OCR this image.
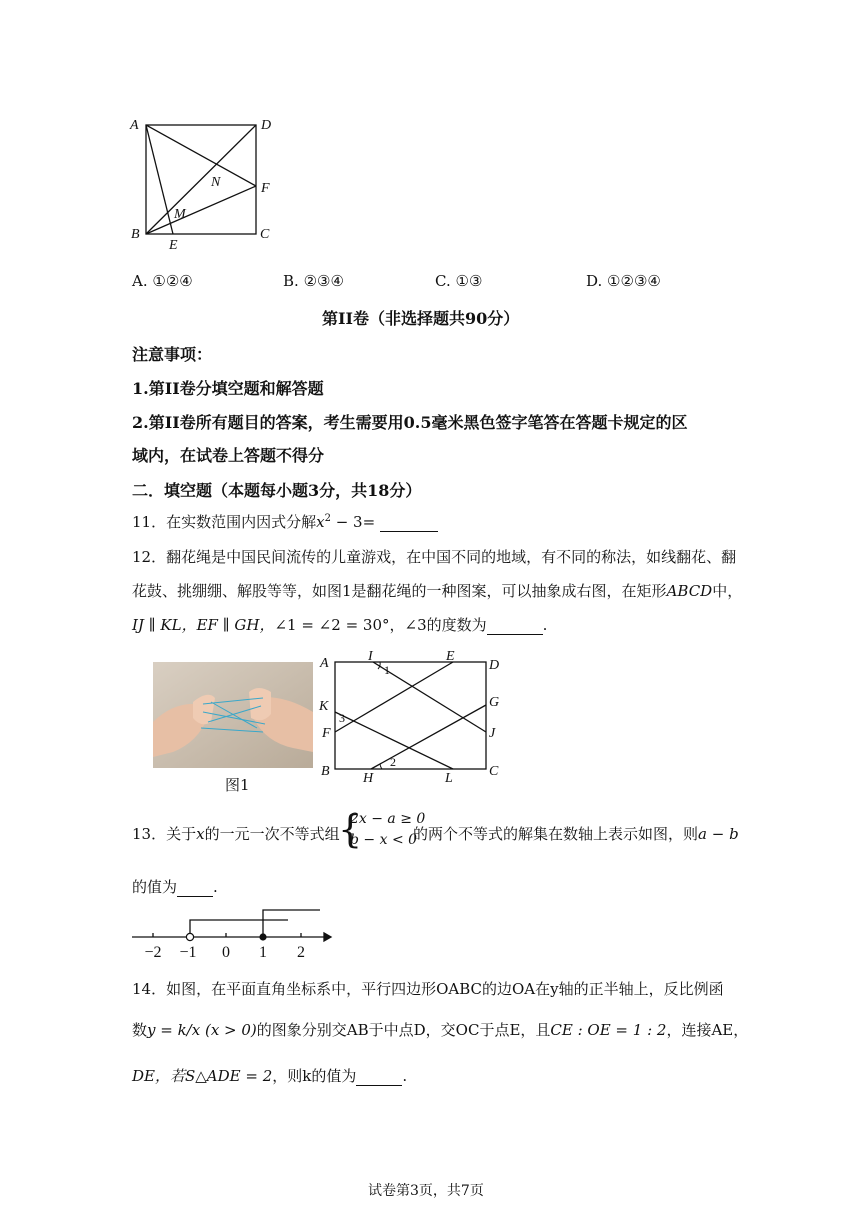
A	D
N	F
M
B
E
C
A. ①②④	B. ②③④	C. ①③	D. ①②③④
第II卷（非选择题共90分）
注意事项：
1.第II卷分填空题和解答题
2.第II卷所有题目的答案，考生需要用0.5毫米黑色签字笔答在答题卡规定的区
域内，在试卷上答题不得分
二．填空题（本题每小题3分，共18分）
11．在实数范围内因式分解$x^2 - 3=$
12．翻花绳是中国民间流传的儿童游戏，在中国不同的地域，有不同的称法，如线翻花、翻
花鼓、挑绷绷、解股等等，如图1是翻花绳的一种图案，可以抽象成右图，在矩形ABCD中，
IJ ∥ KL，EF ∥ GH，∠1 = ∠2 = 30°，∠3的度数为	.
图1
A	I	E
D
K	G
F	J
B H	L	C
1
2
3
13．关于x的一元一次不等式组
{
2x − a ≥ 0
b − x < 0
的两个不等式的解集在数轴上表示如图，则a − b
的值为 .
−2 −1 0 1 2
14．如图，在平面直角坐标系中，平行四边形OABC的边OA在y轴的正半轴上，反比例函
数y = k/x (x > 0)的图象分别交AB于中点D，交OC于点E，且CE : OE = 1 : 2，连接AE，
DE，若S△ADE = 2，则k的值为	.
试卷第3页，共7页
